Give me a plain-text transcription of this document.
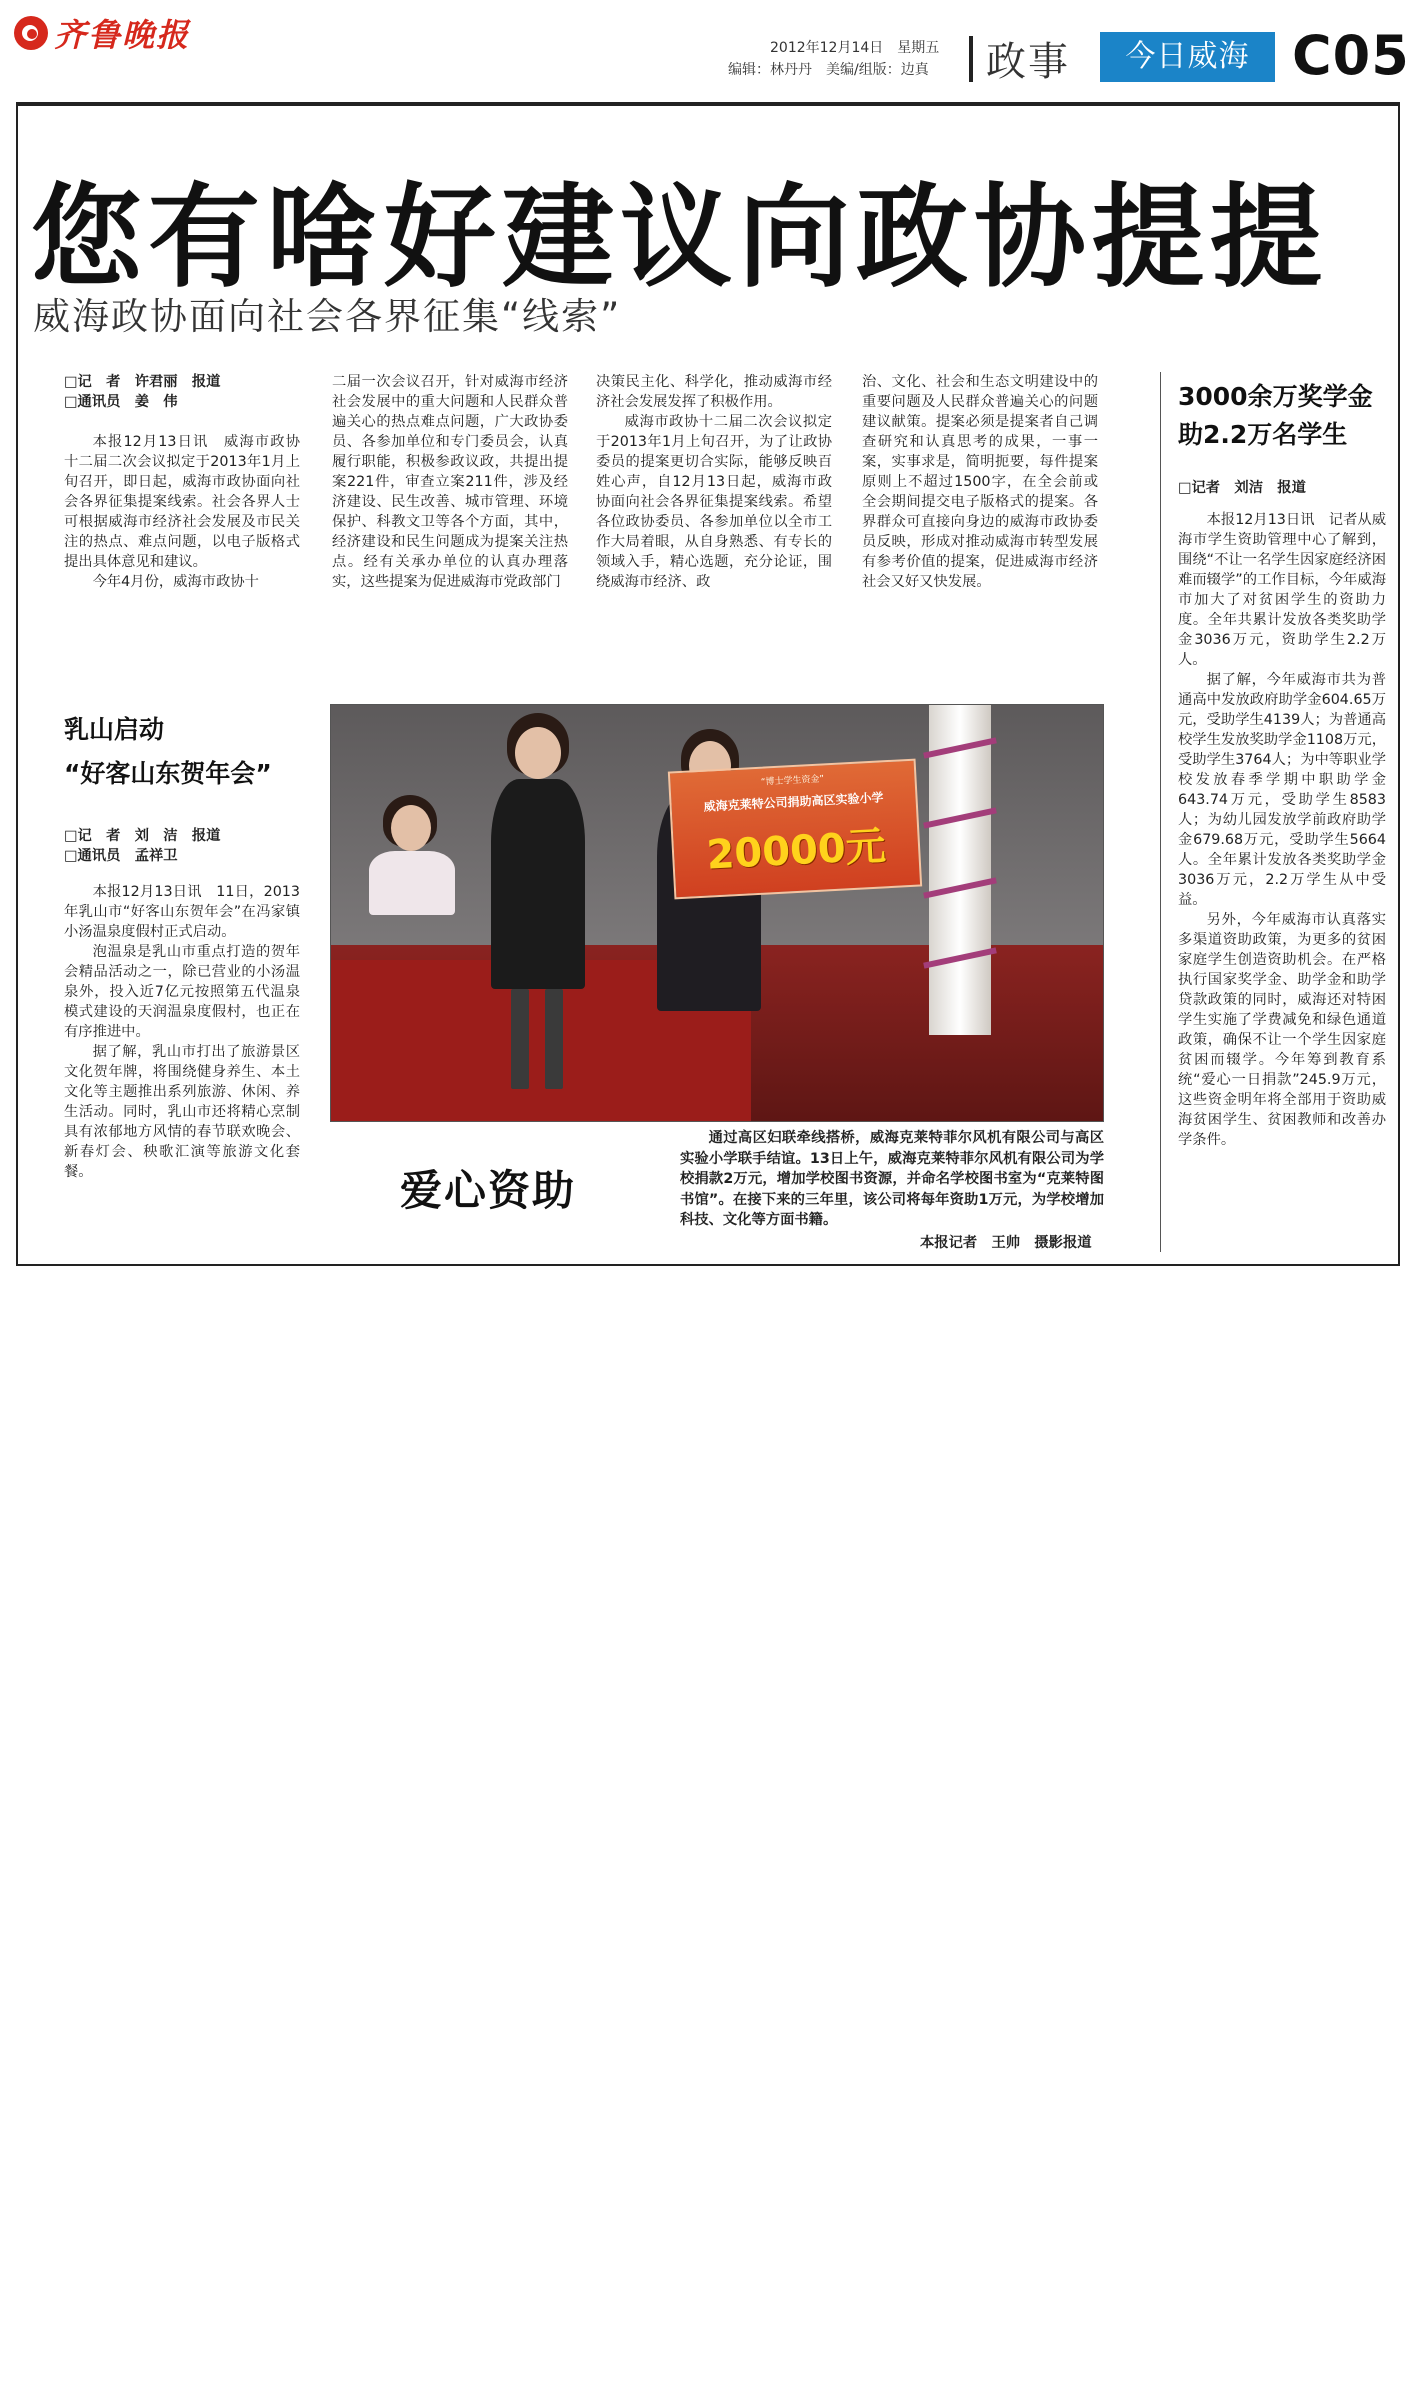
齐鲁晚报	2012年12月14日　星期五
编辑：林丹丹　美编/组版：边真 政事	今日威海 C05
您有啥好建议向政协提提
威海政协面向社会各界征集“线索”
□记　者　许君丽　报道
□通讯员　姜　伟

本报12月13日讯　威海市政协十二届二次会议拟定于2013年1月上旬召开，即日起，威海市政协面向社会各界征集提案线索。社会各界人士可根据威海市经济社会发展及市民关注的热点、难点问题，以电子版格式提出具体意见和建议。

今年4月份，威海市政协十

二届一次会议召开，针对威海市经济社会发展中的重大问题和人民群众普遍关心的热点难点问题，广大政协委员、各参加单位和专门委员会，认真履行职能，积极参政议政，共提出提案221件，审查立案211件，涉及经济建设、民生改善、城市管理、环境保护、科教文卫等各个方面，其中，经济建设和民生问题成为提案关注热点。经有关承办单位的认真办理落实，这些提案为促进威海市党政部门
决策民主化、科学化，推动威海市经济社会发展发挥了积极作用。

威海市政协十二届二次会议拟定于2013年1月上旬召开，为了让政协委员的提案更切合实际，能够反映百姓心声，自12月13日起，威海市政协面向社会各界征集提案线索。希望各位政协委员、各参加单位以全市工作大局着眼，从自身熟悉、有专长的领域入手，精心选题，充分论证，围绕威海市经济、政

治、文化、社会和生态文明建设中的重要问题及人民群众普遍关心的问题建议献策。提案必须是提案者自己调查研究和认真思考的成果，一事一案，实事求是，简明扼要，每件提案原则上不超过1500字，在全会前或全会期间提交电子版格式的提案。各界群众可直接向身边的威海市政协委员反映，形成对推动威海市转型发展有参考价值的提案，促进威海市经济社会又好又快发展。
3000余万奖学金助2.2万名学生
□记者　刘洁　报道

本报12月13日讯　记者从威海市学生资助管理中心了解到，围绕“不让一名学生因家庭经济困难而辍学”的工作目标，今年威海市加大了对贫困学生的资助力度。全年共累计发放各类奖助学金3036万元，资助学生2.2万人。

据了解，今年威海市共为普通高中发放政府助学金604.65万元，受助学生4139人；为普通高校学生发放奖助学金1108万元，受助学生3764人；为中等职业学校发放春季学期中职助学金643.74万元，受助学生8583人；为幼儿园发放学前政府助学金679.68万元，受助学生5664人。全年累计发放各类奖助学金3036万元，2.2万学生从中受益。

另外，今年威海市认真落实多渠道资助政策，为更多的贫困家庭学生创造资助机会。在严格执行国家奖学金、助学金和助学贷款政策的同时，威海还对特困学生实施了学费减免和绿色通道政策，确保不让一个学生因家庭贫困而辍学。今年筹到教育系统“爱心一日捐款”245.9万元，这些资金明年将全部用于资助威海贫困学生、贫困教师和改善办学条件。

乳山启动
“好客山东贺年会”
□记　者　刘　洁　报道
□通讯员　孟祥卫

本报12月13日讯　11日，2013年乳山市“好客山东贺年会”在冯家镇小汤温泉度假村正式启动。

泡温泉是乳山市重点打造的贺年会精品活动之一，除已营业的小汤温泉外，投入近7亿元按照第五代温泉模式建设的天润温泉度假村，也正在有序推进中。

据了解，乳山市打出了旅游景区文化贺年牌，将围绕健身养生、本土文化等主题推出系列旅游、休闲、养生活动。同时，乳山市还将精心烹制具有浓郁地方风情的春节联欢晚会、新春灯会、秧歌汇演等旅游文化套餐。

“博士学生资金”
威海克莱特公司捐助高区实验小学
20000元
爱心资助

通过高区妇联牵线搭桥，威海克莱特菲尔风机有限公司与高区实验小学联手结谊。13日上午，威海克莱特菲尔风机有限公司为学校捐款2万元，增加学校图书资源，并命名学校图书室为“克莱特图书馆”。在接下来的三年里，该公司将每年资助1万元，为学校增加科技、文化等方面书籍。

本报记者　王帅　摄影报道
